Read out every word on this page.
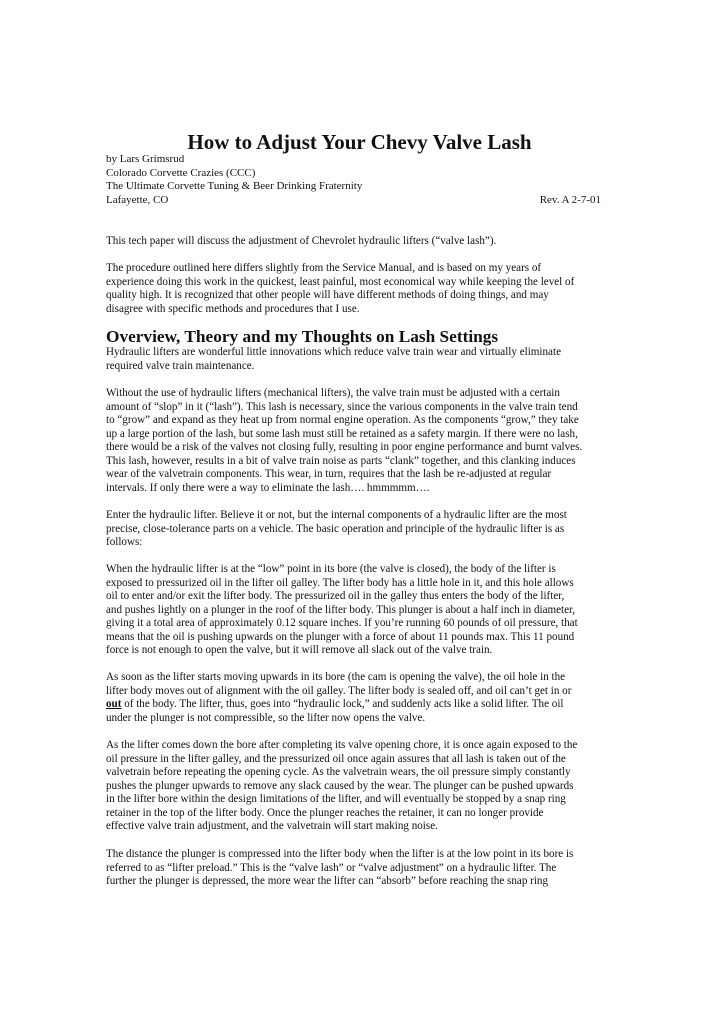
How to Adjust Your Chevy Valve Lash
by Lars Grimsrud
Colorado Corvette Crazies (CCC)
The Ultimate Corvette Tuning & Beer Drinking Fraternity
Lafayette, CO	Rev. A 2-7-01

This tech paper will discuss the adjustment of Chevrolet hydraulic lifters (“valve lash”).

The procedure outlined here differs slightly from the Service Manual, and is based on my years of
experience doing this work in the quickest, least painful, most economical way while keeping the level of
quality high. It is recognized that other people will have different methods of doing things, and may
disagree with specific methods and procedures that I use.

Overview, Theory and my Thoughts on Lash Settings

Hydraulic lifters are wonderful little innovations which reduce valve train wear and virtually eliminate
required valve train maintenance.

Without the use of hydraulic lifters (mechanical lifters), the valve train must be adjusted with a certain
amount of “slop” in it (“lash”). This lash is necessary, since the various components in the valve train tend
to “grow” and expand as they heat up from normal engine operation. As the components “grow,” they take
up a large portion of the lash, but some lash must still be retained as a safety margin. If there were no lash,
there would be a risk of the valves not closing fully, resulting in poor engine performance and burnt valves.
This lash, however, results in a bit of valve train noise as parts “clank” together, and this clanking induces
wear of the valvetrain components. This wear, in turn, requires that the lash be re-adjusted at regular
intervals. If only there were a way to eliminate the lash…. hmmmmm….

Enter the hydraulic lifter. Believe it or not, but the internal components of a hydraulic lifter are the most
precise, close-tolerance parts on a vehicle. The basic operation and principle of the hydraulic lifter is as
follows:

When the hydraulic lifter is at the “low” point in its bore (the valve is closed), the body of the lifter is
exposed to pressurized oil in the lifter oil galley. The lifter body has a little hole in it, and this hole allows
oil to enter and/or exit the lifter body. The pressurized oil in the galley thus enters the body of the lifter,
and pushes lightly on a plunger in the roof of the lifter body. This plunger is about a half inch in diameter,
giving it a total area of approximately 0.12 square inches. If you’re running 60 pounds of oil pressure, that
means that the oil is pushing upwards on the plunger with a force of about 11 pounds max. This 11 pound
force is not enough to open the valve, but it will remove all slack out of the valve train.

As soon as the lifter starts moving upwards in its bore (the cam is opening the valve), the oil hole in the
lifter body moves out of alignment with the oil galley. The lifter body is sealed off, and oil can’t get in or
out of the body. The lifter, thus, goes into “hydraulic lock,” and suddenly acts like a solid lifter. The oil
under the plunger is not compressible, so the lifter now opens the valve.

As the lifter comes down the bore after completing its valve opening chore, it is once again exposed to the
oil pressure in the lifter galley, and the pressurized oil once again assures that all lash is taken out of the
valvetrain before repeating the opening cycle. As the valvetrain wears, the oil pressure simply constantly
pushes the plunger upwards to remove any slack caused by the wear. The plunger can be pushed upwards
in the lifter bore within the design limitations of the lifter, and will eventually be stopped by a snap ring
retainer in the top of the lifter body. Once the plunger reaches the retainer, it can no longer provide
effective valve train adjustment, and the valvetrain will start making noise.

The distance the plunger is compressed into the lifter body when the lifter is at the low point in its bore is
referred to as “lifter preload.” This is the “valve lash” or “valve adjustment” on a hydraulic lifter. The
further the plunger is depressed, the more wear the lifter can “absorb” before reaching the snap ring
